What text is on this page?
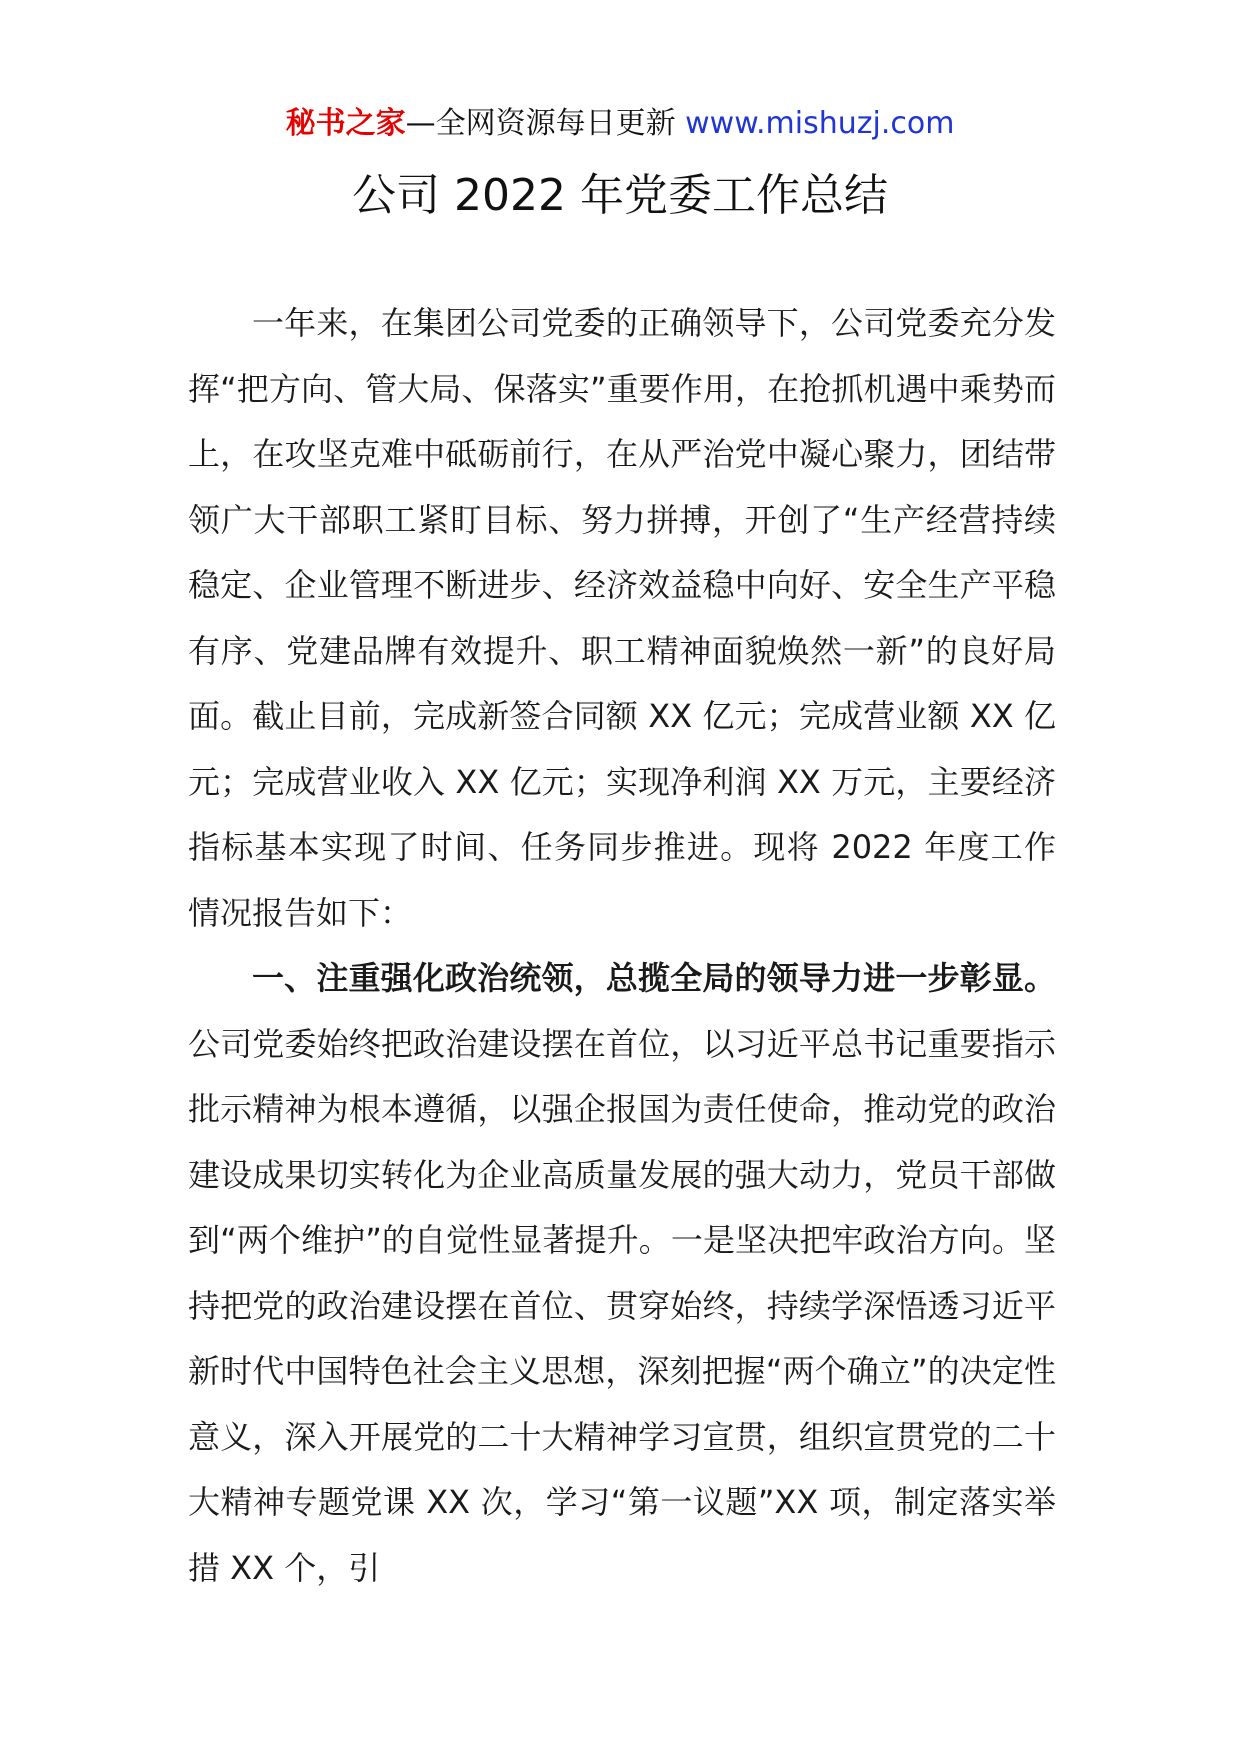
秘书之家—全网资源每日更新 www.mishuzj.com
公司 2022 年党委工作总结

一年来，在集团公司党委的正确领导下，公司党委充分发挥“把方向、管大局、保落实”重要作用，在抢抓机遇中乘势而上，在攻坚克难中砥砺前行，在从严治党中凝心聚力，团结带领广大干部职工紧盯目标、努力拼搏，开创了“生产经营持续稳定、企业管理不断进步、经济效益稳中向好、安全生产平稳有序、党建品牌有效提升、职工精神面貌焕然一新”的良好局面。截止目前，完成新签合同额 XX 亿元；完成营业额 XX 亿元；完成营业收入 XX 亿元；实现净利润 XX 万元，主要经济指标基本实现了时间、任务同步推进。现将 2022 年度工作情况报告如下：

一、注重强化政治统领，总揽全局的领导力进一步彰显。公司党委始终把政治建设摆在首位，以习近平总书记重要指示批示精神为根本遵循，以强企报国为责任使命，推动党的政治建设成果切实转化为企业高质量发展的强大动力，党员干部做到“两个维护”的自觉性显著提升。一是坚决把牢政治方向。坚持把党的政治建设摆在首位、贯穿始终，持续学深悟透习近平新时代中国特色社会主义思想，深刻把握“两个确立”的决定性意义，深入开展党的二十大精神学习宣贯，组织宣贯党的二十大精神专题党课 XX 次，学习“第一议题”XX 项，制定落实举措 XX 个，引
